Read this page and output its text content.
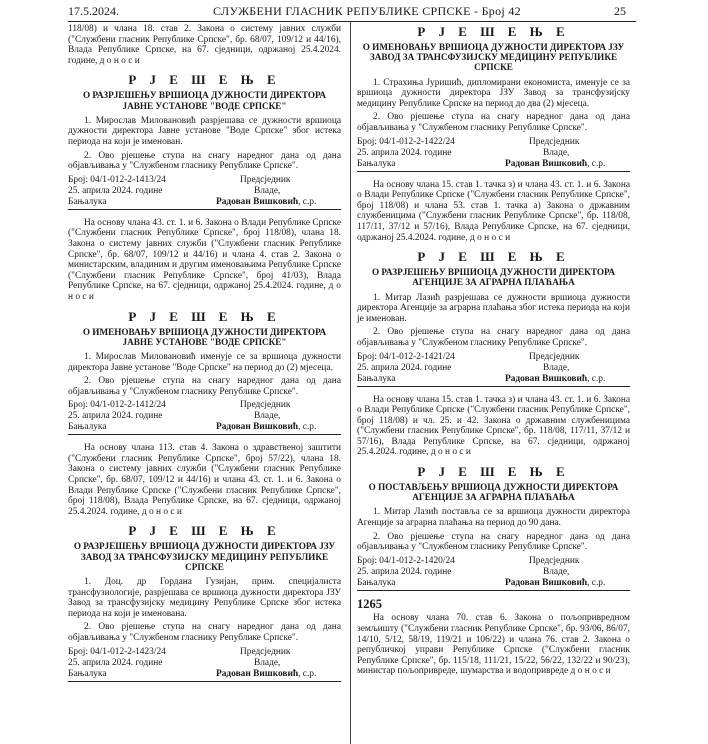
17.5.2024.	СЛУЖБЕНИ ГЛАСНИК РЕПУБЛИКЕ СРПСКЕ - Број 42	25

118/08) и члана 18. став 2. Закона о систему јавних служби ("Службени гласник Републике Српске", бр. 68/07, 109/12 и 44/16), Влада Републике Српске, на 67. сједници, одржаној 25.4.2024. године, д о н о с и

Р Ј Е Ш Е Њ Е
О РАЗРЈЕШЕЊУ ВРШИОЦА ДУЖНОСТИ ДИРЕКТОРА ЈАВНЕ УСТАНОВЕ "ВОДЕ СРПСКЕ"

1. Мирослав Милованoвић разрјешава се дужности вршиоца дужности директора Јавне установе "Воде Српске" због истека периода на који је именован.

2. Ово рјешење ступа на снагу наредног дана од дана објављивања у "Службеном гласнику Републике Српске".

Број: 04/1-012-2-1413/24
25. априла 2024. године
Бањалука
Предсједник
Владе,
Радован Вишковић, с.р.

На основу члана 43. ст. 1. и 6. Закона о Влади Републике Српске ("Службени гласник Републике Српске", број 118/08), члана 18. Закона о систему јавних служби ("Службени гласник Републике Српске", бр. 68/07, 109/12 и 44/16) и члана 4. став 2. Закона о министарским, владиним и другим именовањима Републике Српске ("Службени гласник Републике Српске", број 41/03), Влада Републике Српске, на 67. сједници, одржаној 25.4.2024. године, д о н о с и

Р Ј Е Ш Е Њ Е
О ИМЕНОВАЊУ ВРШИОЦА ДУЖНОСТИ ДИРЕКТОРА ЈАВНЕ УСТАНОВЕ "ВОДЕ СРПСКЕ"

1. Мирослав Милованoвић именује се за вршиоца дужности директора Јавне установе "Воде Српске" на период до (2) мјесеца.

2. Ово рјешење ступа на снагу наредног дана од дана објављивања у "Службеном гласнику Републике Српске".

Број: 04/1-012-2-1412/24
25. априла 2024. године
Бањалука
Предсједник
Владе,
Радован Вишковић, с.р.

На основу члана 113. став 4. Закона о здравственој заштити ("Службени гласник Републике Српске", број 57/22), члана 18. Закона о систему јавних служби ("Службени гласник Републике Српске", бр. 68/07, 109/12 и 44/16) и члана 43. ст. 1. и 6. Закона о Влади Републике Српске ("Службени гласник Републике Српске", број 118/08), Влада Републике Српске, на 67. сједници, одржаној 25.4.2024. године, д о н о с и

Р Ј Е Ш Е Њ Е
О РАЗРЈЕШЕЊУ ВРШИОЦА ДУЖНОСТИ ДИРЕКТОРА ЈЗУ ЗАВОД ЗА ТРАНСФУЗИЈСКУ МЕДИЦИНУ РЕПУБЛИКЕ СРПСКЕ

1. Доц. др Гордана Гузијан, прим. специјалиста трансфузиологије, разрјешава се вршиоца дужности директора ЈЗУ Завод за трансфузијску медицину Републике Српске због истека периода на који је именована.

2. Ово рјешење ступа на снагу наредног дана од дана објављивања у "Службеном гласнику Републике Српске".

Број: 04/1-012-2-1423/24
25. априла 2024. године
Бањалука
Предсједник
Владе,
Радован Вишковић, с.р.
Р Ј Е Ш Е Њ Е
О ИМЕНОВАЊУ ВРШИОЦА ДУЖНОСТИ ДИРЕКТОРА ЈЗУ ЗАВОД ЗА ТРАНСФУЗИЈСКУ МЕДИЦИНУ РЕПУБЛИКЕ СРПСКЕ

1. Страхиња Јуришић, дипломирани економиста, именује се за вршиоца дужности директора ЈЗУ Завод за трансфузијску медицину Републике Српске на период до два (2) мјесеца.

2. Ово рјешење ступа на снагу наредног дана од дана објављивања у "Службеном гласнику Републике Српске".

Број: 04/1-012-2-1422/24
25. априла 2024. године
Бањалука
Предсједник
Владе,
Радован Вишковић, с.р.

На основу члана 15. став 1. тачка з) и члана 43. ст. 1. и 6. Закона о Влади Републике Српске ("Службени гласник Републике Српске", број 118/08) и члана 53. став 1. тачка а) Закона о државним службеницима ("Службени гласник Републике Српске", бр. 118/08, 117/11, 37/12 и 57/16), Влада Републике Српске, на 67. сједници, одржаној 25.4.2024. године, д о н о с и

Р Ј Е Ш Е Њ Е
О РАЗРЈЕШЕЊУ ВРШИОЦА ДУЖНОСТИ ДИРЕКТОРА АГЕНЦИЈЕ ЗА АГРАРНА ПЛАЋАЊА

1. Митар Лазић разрјешава се дужности вршиоца дужности директора Агенције за аграрна плаћања због истека периода на који је именован.

2. Ово рјешење ступа на снагу наредног дана од дана објављивања у "Службеном гласнику Републике Српске".

Број: 04/1-012-2-1421/24
25. априла 2024. године
Бањалука
Предсједник
Владе,
Радован Вишковић, с.р.

На основу члана 15. став 1. тачка з) и члана 43. ст. 1. и 6. Закона о Влади Републике Српске ("Службени гласник Републике Српске", број 118/08) и чл. 25. и 42. Закона о државним службеницима ("Службени гласник Републике Српске", бр. 118/08, 117/11, 37/12 и 57/16), Влада Републике Српске, на 67. сједници, одржаној 25.4.2024. године, д о н о с и

Р Ј Е Ш Е Њ Е
О ПОСТАВЉЕЊУ ВРШИОЦА ДУЖНОСТИ ДИРЕКТОРА АГЕНЦИЈЕ ЗА АГРАРНА ПЛАЋАЊА

1. Митар Лазић поставља се за вршиоца дужности директора Агенције за аграрна плаћања на период до 90 дана.

2. Ово рјешење ступа на снагу наредног дана од дана објављивања у "Службеном гласнику Републике Српске".

Број: 04/1-012-2-1420/24
25. априла 2024. године
Бањалука
Предсједник
Владе,
Радован Вишковић, с.р.
1265

На основу члана 70. став 6. Закона о пољопривредном земљишту ("Службени гласник Републике Српске", бр. 93/06, 86/07, 14/10, 5/12, 58/19, 119/21 и 106/22) и члана 76. став 2. Закона о републичкој управи Републике Српске ("Службени гласник Републике Српске", бр. 115/18, 111/21, 15/22, 56/22, 132/22 и 90/23), министар пољопривреде, шумарства и водопривреде д о н о с и
